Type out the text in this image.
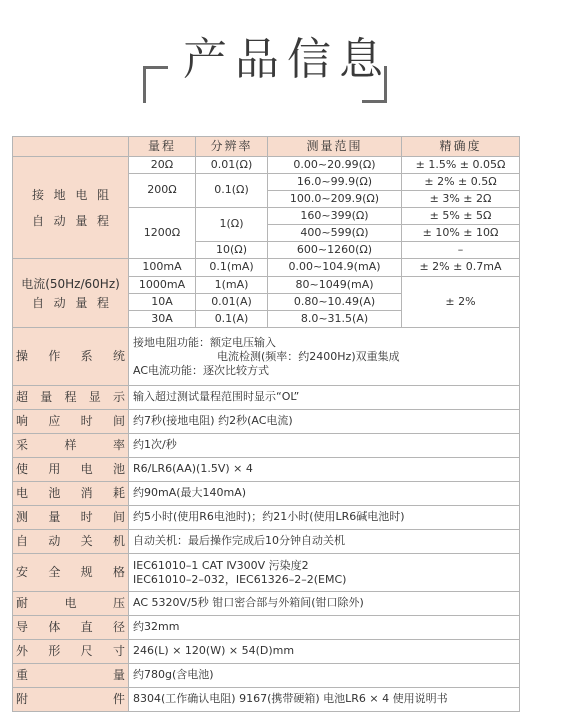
产品信息
	量程	分辨率	测量范围	精确度

接地电阻
自动量程	20Ω	0.01(Ω)	0.00~20.99(Ω)	± 1.5% ± 0.05Ω
	200Ω	0.1(Ω)	16.0~99.9(Ω)	± 2% ± 0.5Ω
			100.0~209.9(Ω)	± 3% ± 2Ω
	1200Ω	1(Ω)	160~399(Ω)	± 5% ± 5Ω
			400~599(Ω)	± 10% ± 10Ω
		10(Ω)	600~1260(Ω)	–

电流(50Hz/60Hz)
自动量程	100mA	0.1(mA)	0.00~104.9(mA)	± 2% ± 0.7mA
	1000mA	1(mA)	80~1049(mA)	± 2%
	10A	0.01(A)	0.80~10.49(A)	
	30A	0.1(A)	8.0~31.5(A)	
操作系统	接地电阻功能：额定电压输入
电流检测(频率：约2400Hz)双重集成
AC电流功能：逐次比较方式			

超量程显示	输入超过测试量程范围时显示“OL”			
响应时间	约7秒(接地电阻) 约2秒(AC电流)			
采样率	约1次/秒			
使用电池	R6/LR6(AA)(1.5V) × 4			
电池消耗	约90mA(最大140mA)			
测量时间	约5小时(使用R6电池时)；约21小时(使用LR6碱电池时)			
自动关机	自动关机：最后操作完成后10分钟自动关机			
安全规格	IEC61010–1 CAT Ⅳ300V 污染度2
IEC61010–2–032，IEC61326–2–2(EMC)			

耐电压	AC 5320V/5秒 钳口密合部与外箱间(钳口除外)			
导体直径	约32mm			
外形尺寸	246(L) × 120(W) × 54(D)mm			
重量	约780g(含电池)			
附件	8304(工作确认电阻) 9167(携带硬箱) 电池LR6 × 4 使用说明书			
